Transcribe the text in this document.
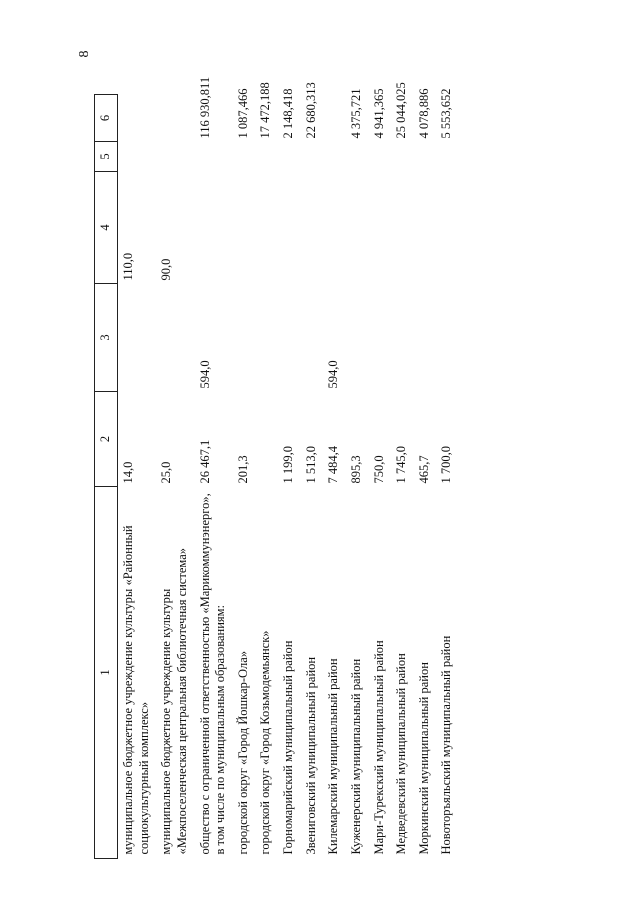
8
1	2	3	4	5	6
муниципальное бюджетное учреждение культуры «Районный социокультурный комплекс»	14,0		110,0		
муниципальное бюджетное учреждение культуры «Межпоселенческая центральная библиотечная система»	25,0		90,0		
общество с ограниченной ответственностью «Марикоммунэнерго», в том числе по муниципальным образованиям:	26 467,1	594,0			116 930,811
городской округ «Город Йошкар-Ола»	201,3				1 087,466
городской округ «Город Козьмодемьянск»					17 472,188
Горномарийский муниципальный район	1 199,0				2 148,418
Звениговский муниципальный район	1 513,0				22 680,313
Килемарский муниципальный район	7 484,4	594,0			
Куженерский муниципальный район	895,3				4 375,721
Мари-Турекский муниципальный район	750,0				4 941,365
Медведевский муниципальный район	1 745,0				25 044,025
Моркинский муниципальный район	465,7				4 078,886
Новоторъяльский муниципальный район	1 700,0				5 553,652
